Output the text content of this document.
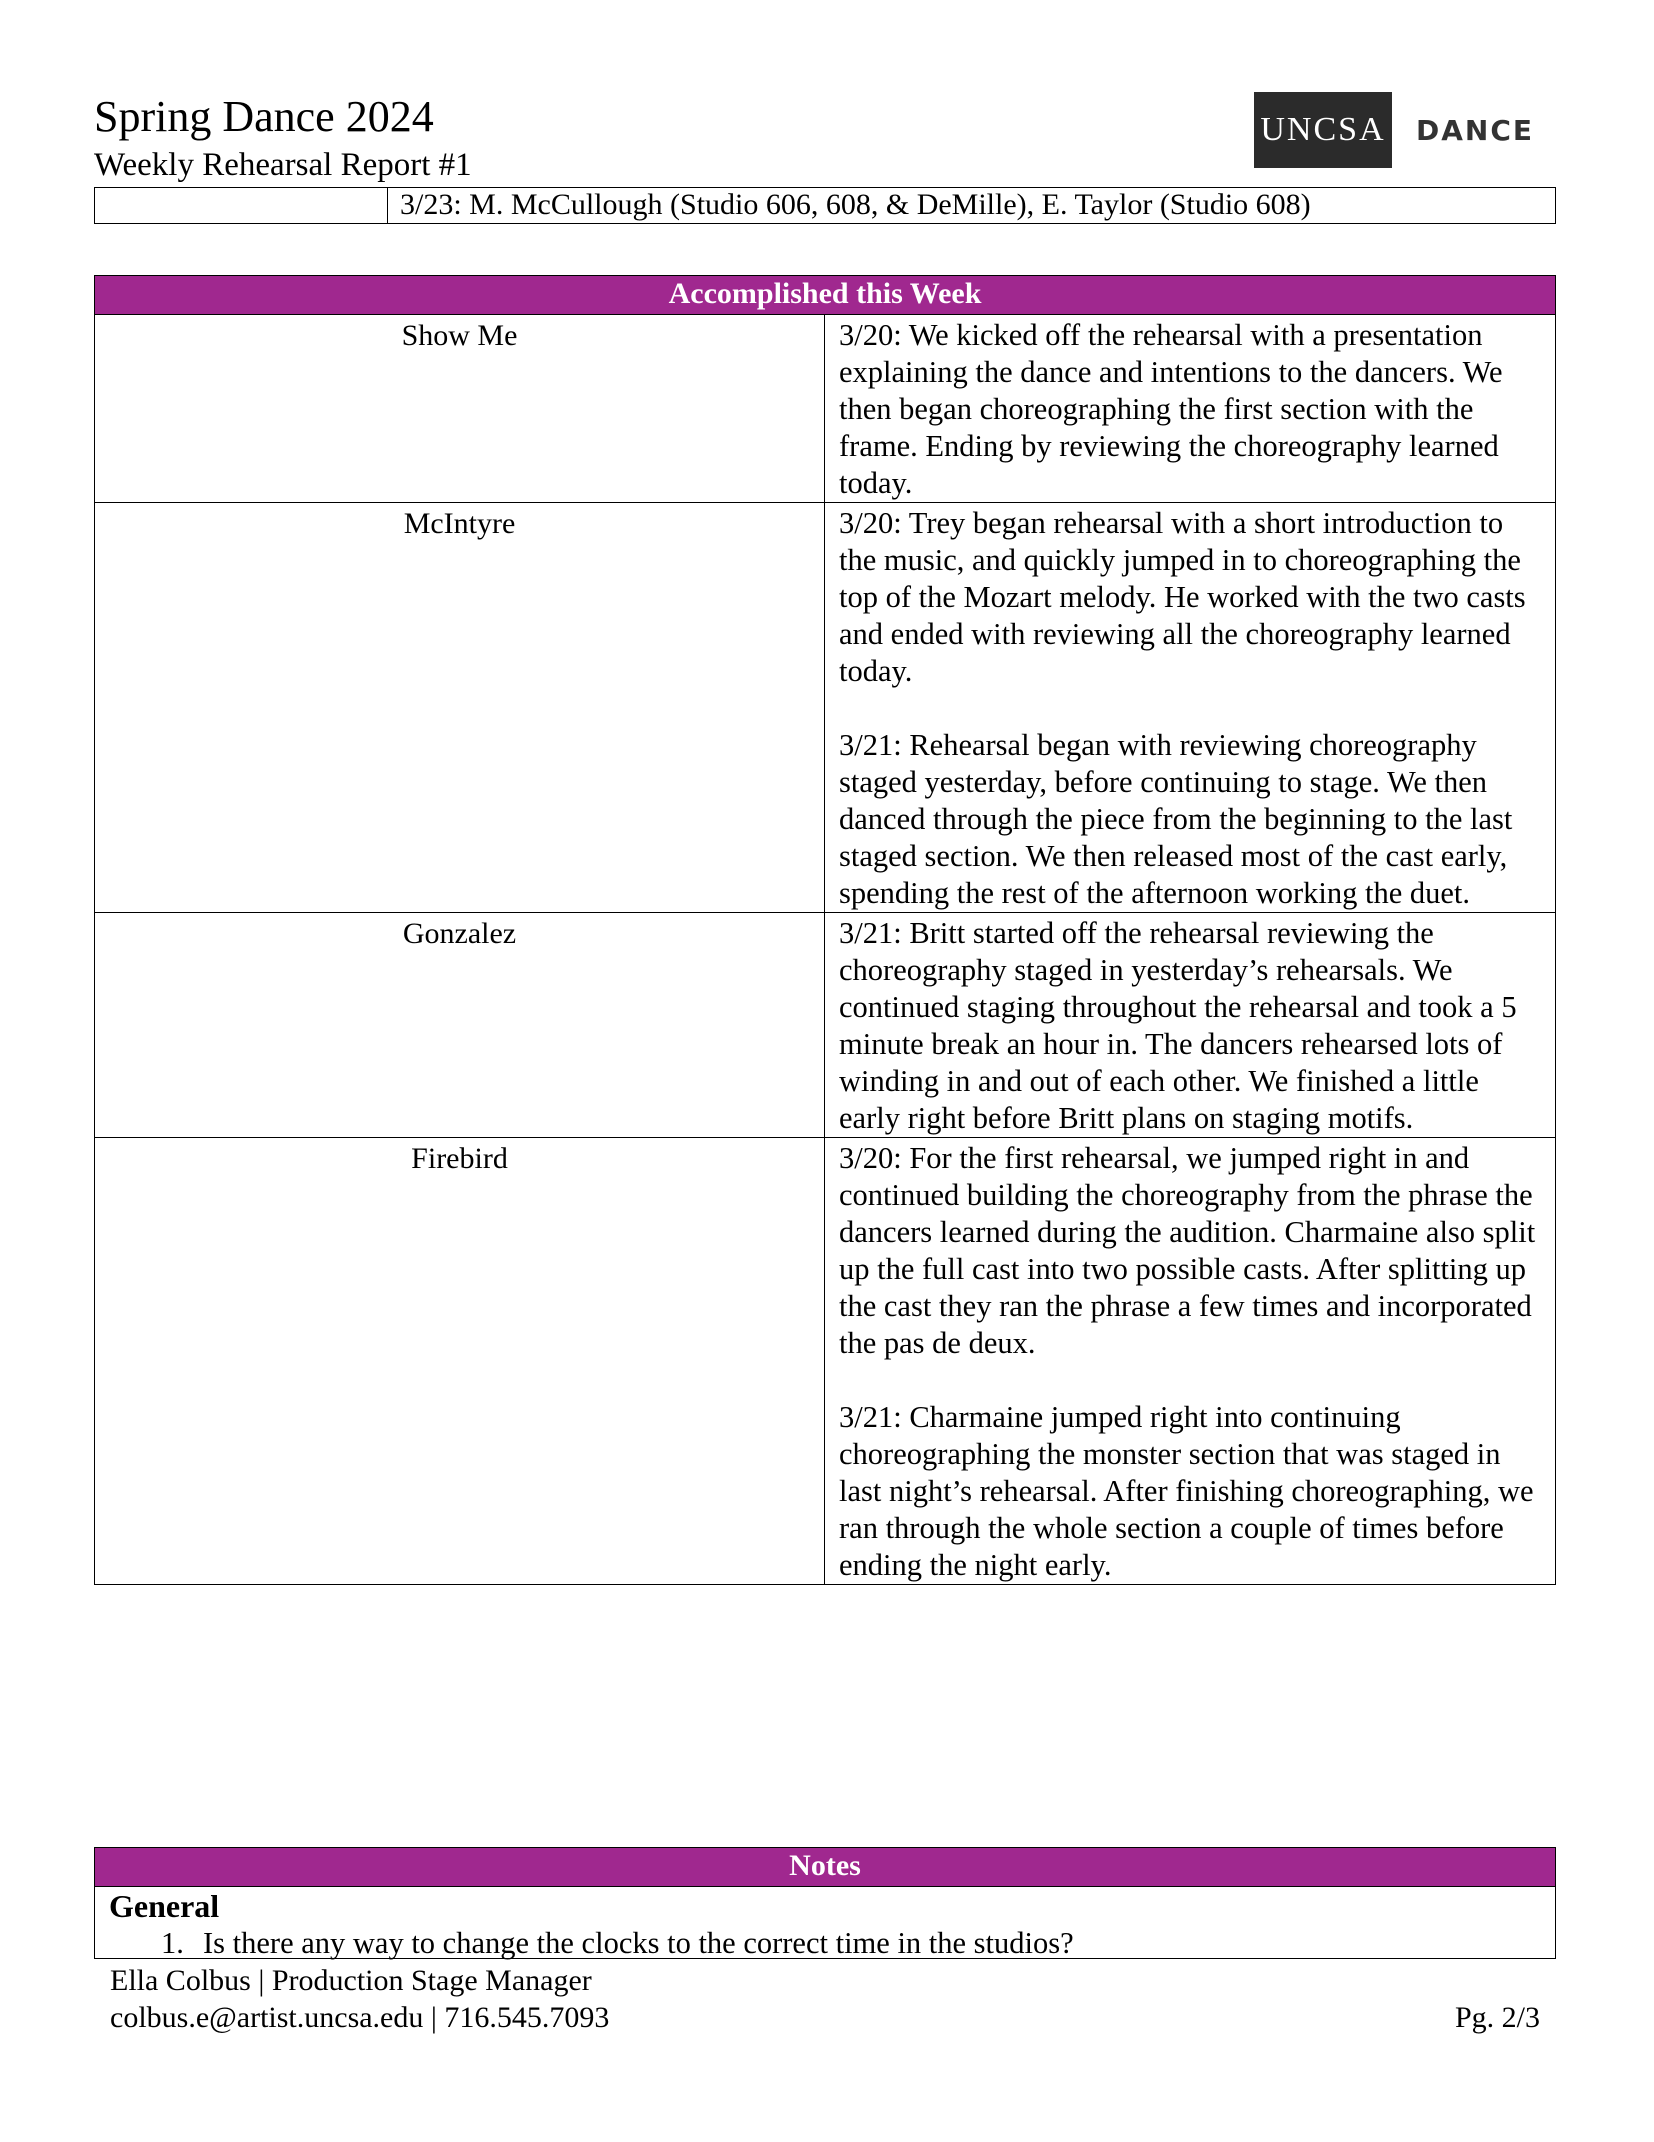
Spring Dance 2024
Weekly Rehearsal Report #1
UNCSA DANCE
3/23: M. McCullough (Studio 606, 608, & DeMille), E. Taylor (Studio 608)
Accomplished this Week
Show Me	3/20: We kicked off the rehearsal with a presentation explaining the dance and intentions to the dancers. We then began choreographing the first section with the frame. Ending by reviewing the choreography learned today.
McIntyre	3/20: Trey began rehearsal with a short introduction to the music, and quickly jumped in to choreographing the top of the Mozart melody. He worked with the two casts and ended with reviewing all the choreography learned today.
3/21: Rehearsal began with reviewing choreography staged yesterday, before continuing to stage. We then danced through the piece from the beginning to the last staged section. We then released most of the cast early, spending the rest of the afternoon working the duet.
Gonzalez	3/21: Britt started off the rehearsal reviewing the choreography staged in yesterday’s rehearsals. We continued staging throughout the rehearsal and took a 5 minute break an hour in. The dancers rehearsed lots of winding in and out of each other. We finished a little early right before Britt plans on staging motifs.
Firebird	3/20: For the first rehearsal, we jumped right in and continued building the choreography from the phrase the dancers learned during the audition. Charmaine also split up the full cast into two possible casts. After splitting up the cast they ran the phrase a few times and incorporated the pas de deux.
3/21: Charmaine jumped right into continuing choreographing the monster section that was staged in last night’s rehearsal. After finishing choreographing, we ran through the whole section a couple of times before ending the night early.
Notes
General
1. Is there any way to change the clocks to the correct time in the studios?
Ella Colbus | Production Stage Manager
colbus.e@artist.uncsa.edu | 716.545.7093	Pg. 2/3
